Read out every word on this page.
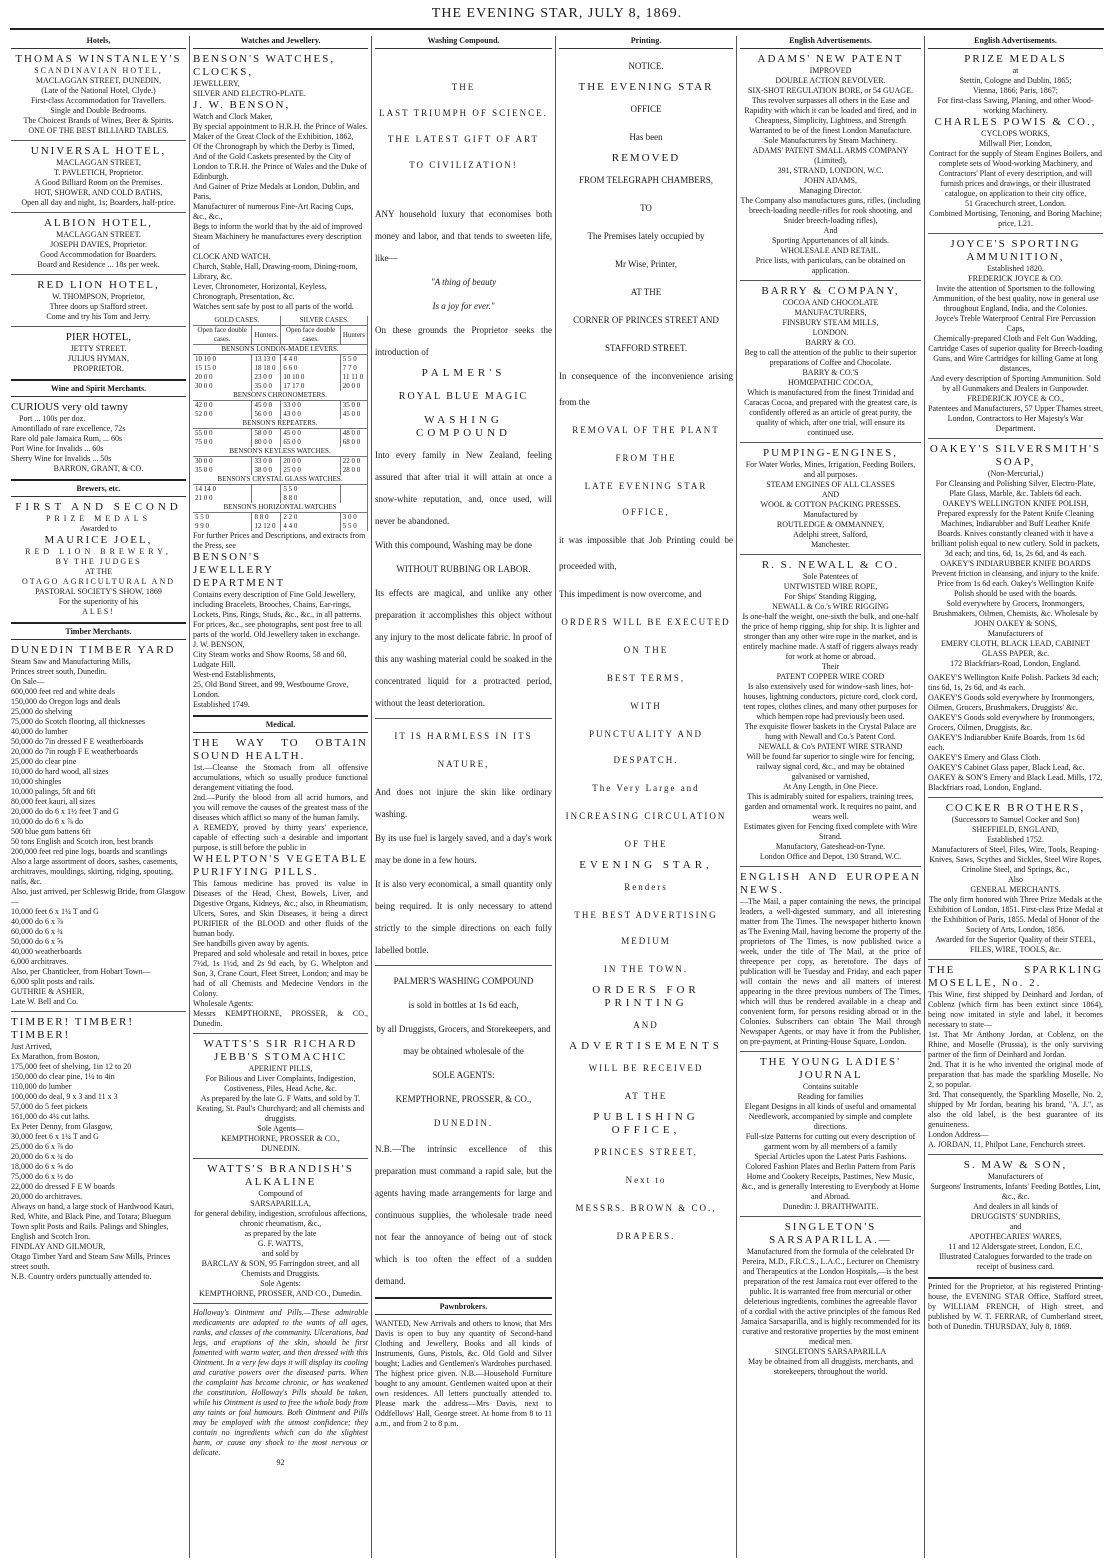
THE EVENING STAR, JULY 8, 1869.
Hotels,

THOMAS WINSTANLEY'S

SCANDINAVIAN HOTEL,

MACLAGGAN STREET, DUNEDIN,

(Late of the National Hotel, Clyde.)

First-class Accommodation for Travellers.

Single and Double Bedrooms.

The Choicest Brands of Wines, Beer & Spirits.

ONE OF THE BEST BILLIARD TABLES.

UNIVERSAL HOTEL,

MACLAGGAN STREET,

T. PAVLETICH, Proprietor.

A Good Billiard Room on the Premises.

HOT, SHOWER, AND COLD BATHS,

Open all day and night, 1s; Boarders, half-price.

ALBION HOTEL,

MACLAGGAN STREET.

JOSEPH DAVIES, Proprietor.

Good Accommodation for Boarders.

Board and Residence ... 18s per week.

RED LION HOTEL,

W. THOMPSON, Proprietor,

Three doors up Stafford street.

Come and try his Tom and Jerry.

PIER HOTEL,

JETTY STREET.

JULIUS HYMAN,

PROPRIETOR.

Wine and Spirit Merchants.

CURIOUS very old tawny

Port ... 100s per doz.

Amontillado of rare excellence, 72s

Rare old pale Jamaica Rum, ... 60s

Port Wine for Invalids ... 60s

Sherry Wine for Invalids ... 50s

BARRON, GRANT, & CO.

Brewers, etc.

FIRST AND SECOND

PRIZE MEDALS

Awarded to

MAURICE JOEL,

RED LION BREWERY,

BY THE JUDGES

AT THE

OTAGO AGRICULTURAL AND

PASTORAL SOCIETY'S SHOW, 1869

For the superiority of his

ALES!

Timber Merchants.

DUNEDIN TIMBER YARD

Steam Saw and Manufacturing Mills,

Princes street south, Dunedin.

On Sale—

600,000 feet red and white deals

150,000 do Oregon logs and deals

25,000 do shelving

75,000 do Scotch flooring, all thicknesses

40,000 do lumber

50,000 do 7in dressed F E weatherboards

20,000 do 7in rough F E weatherboards

25,000 do clear pine

10,000 do hard wood, all sizes

10,000 shingles

10,000 palings, 5ft and 6ft

80,000 feet kauri, all sizes

20,000 do do 6 x 1½ feet T and G

10,000 do do 6 x ⅞ do

500 blue gum battens 6ft

50 tons English and Scotch iron, best brands

200,000 feet red pine logs, boards and scantlings

Also a large assortment of doors, sashes, casements, architraves, mouldings, skirting, ridging, spouting, nails, &c.

Also, just arrived, per Schleswig Bride, from Glasgow—

10,000 feet 6 x 1¼ T and G

40,000 do 6 x ⅞

60,000 do 6 x ¾

50,000 do 6 x ⅝

40,000 weatherboards

6,000 architraves.

Also, per Chanticleer, from Hobart Town—

6,000 split posts and rails.

GUTHRIE & ASHER,

Late W. Bell and Co.

TIMBER! TIMBER! TIMBER!

Just Arrived,

Ex Marathon, from Boston,

175,000 feet of shelving, 1in 12 to 20

150,000 do clear pine, 1¼ to 4in

110,000 do lumber

100,000 do deal, 9 x 3 and 11 x 3

57,000 do 5 feet pickets

161,000 do 4¼ cut laths.

Ex Peter Denny, from Glasgow,

30,000 feet 6 x 1¼ T and G

25,000 do 6 x ⅞ do

20,000 do 6 x ¾ do

18,000 do 6 x ⅝ do

75,000 do 6 x ½ do

22,000 do dressed F E W boards

20,000 do architraves.

Always on hand, a large stock of Hardwood Kauri, Red, White, and Black Pine, and Totara; Bluegum Town split Posts and Rails. Palings and Shingles, English and Scotch Iron.

FINDLAY AND GILMOUR,

Otago Timber Yard and Steam Saw Mills, Princes street south.

N.B. Country orders punctually attended to.

Watches and Jewellery.

BENSON'S WATCHES, CLOCKS,

JEWELLERY,

SILVER AND ELECTRO-PLATE.

J. W. BENSON,

Watch and Clock Maker,

By special appointment to H.R.H. the Prince of Wales.

Maker of the Great Clock of the Exhibition, 1862,

Of the Chronograph by which the Derby is Timed,

And of the Gold Caskets presented by the City of London to T.R.H. the Prince of Wales and the Duke of Edinburgh.

And Gainer of Prize Medals at London, Dublin, and Paris,

Manufacturer of numerous Fine-Art Racing Cups, &c., &c.,

Begs to inform the world that by the aid of improved Steam Machinery he manufactures every description of

CLOCK AND WATCH.

Church, Stable, Hall, Drawing-room, Dining-room, Library, &c.

Lever, Chronometer, Horizontal, Keyless, Chronograph, Presentation, &c.

Watches sent safe by post to all parts of the world.

GOLD CASES.		SILVER CASES.	
Open face double cases.	Hunters.	Open face double cases.	Hunters
BENSON'S LONDON-MADE LEVERS.			
10 10 0	13 13 0	4 4 0	5 5 0
15 15 0	18 18 0	6 6 0	7 7 0
20 0 0	23 0 0	10 10 0	11 11 0
30 0 0	35 0 0	17 17 0	20 0 0
BENSON'S CHRONOMETERS.			
42 0 0	45 0 0	33 0 0	35 0 0
52 0 0	56 0 0	43 0 0	45 0 0
BENSON'S REPEATERS.			
55 0 0	58 0 0	45 0 0	48 0 0
75 0 0	80 0 0	65 0 0	68 0 0
BENSON'S KEYLESS WATCHES.			
30 0 0	33 0 0	20 0 0	22 0 0
35 0 0	38 0 0	25 0 0	28 0 0
BENSON'S CRYSTAL GLASS WATCHES.			
14 14 0		5 5 0	
21 0 0		8 8 0	
BENSON'S HORIZONTAL WATCHES			
5 5 0	8 8 0	2 2 0	3 0 0
9 9 0	12 12 0	4 4 0	5 5 0

For further Prices and Descriptions, and extracts from the Press, see

BENSON'S

JEWELLERY DEPARTMENT

Contains every description of Fine Gold Jewellery, including Bracelets, Brooches, Chains, Ear-rings, Lockets, Pins, Rings, Studs, &c., &c., in all patterns. For prices, &c., see photographs, sent post free to all parts of the world. Old Jewellery taken in exchange.

J. W. BENSON,

City Steam works and Show Rooms, 58 and 60, Ludgate Hill.

West-end Establishments,

25, Old Bond Street, and 99, Westbourne Grove, London.

Established 1749.

Medical.

THE WAY TO OBTAIN SOUND HEALTH.

1st.—Cleanse the Stomach from all offensive accumulations, which so usually produce functional derangement vitiating the food.

2nd.—Purify the blood from all acrid humors, and you will remove the causes of the greatest mass of the diseases which afflict so many of the human family.

A REMEDY, proved by thirty years' experience, capable of effecting such a desirable and important purpose, is still before the public in

WHELPTON'S VEGETABLE PURIFYING PILLS.

This famous medicine has proved its value in Diseases of the Head, Chest, Bowels, Liver, and Digestive Organs, Kidneys, &c.; also, in Rheumatism, Ulcers, Sores, and Skin Diseases, it being a direct PURIFIER of the BLOOD and other fluids of the human body.

See handbills given away by agents.

Prepared and sold wholesale and retail in boxes, price 7½d, 1s 1½d, and 2s 9d each, by G. Whelpton and Son, 3, Crane Court, Fleet Street, London; and may be had of all Chemists and Medecine Vendors in the Colony.

Wholesale Agents:

Messrs KEMPTHORNE, PROSSER, & CO., Dunedin.

WATTS'S SIR RICHARD JEBB'S STOMACHIC

APERIENT PILLS,

For Bilious and Liver Complaints, Indigestion,

Costiveness, Piles, Head Ache, &c.

As prepared by the late G. F Watts, and sold by T. Keating, St. Paul's Churchyard; and all chemists and druggists.

Sole Agents—

KEMPTHORNE, PROSSER & CO.,

DUNEDIN.

WATTS'S BRANDISH'S ALKALINE

Compound of

SARSAPARILLA,

for general debility, indigestion, scrofulous affections, chronic rheumatism, &c.,

as prepared by the late

G. F. WATTS,

and sold by

BARCLAY & SON, 95 Farringdon street, and all Chemists and Druggists.

Sole Agents:

KEMPTHORNE, PROSSER, AND CO., Dunedin.

Holloway's Ointment and Pills.—These admirable medicaments are adapted to the wants of all ages, ranks, and classes of the community. Ulcerations, bad legs, and eruptions of the skin, should be first fomented with warm water, and then dressed with this Ointment. In a very few days it will display its cooling and curative powers over the diseased parts. When the complaint has become chronic, or has weakened the constitution, Holloway's Pills should be taken, while his Ointment is used to free the whole body from any taints or foul humours. Both Ointment and Pills may be employed with the utmost confidence; they contain no ingredients which can do the slightest harm, or cause any shock to the most nervous or delicate.

92

Washing Compound.

THE

LAST TRIUMPH OF SCIENCE.

THE LATEST GIFT OF ART

TO CIVILIZATION!

ANY household luxury that economises both money and labor, and that tends to sweeten life, like—

"A thing of beauty

Is a joy for ever."

On these grounds the Proprietor seeks the introduction of

PALMER'S

ROYAL BLUE MAGIC

WASHING COMPOUND

Into every family in New Zealand, feeling assured that after trial it will attain at once a snow-white reputation, and, once used, will never be abandoned.

With this compound, Washing may be done

WITHOUT RUBBING OR LABOR.

Its effects are magical, and unlike any other preparation it accomplishes this object without any injury to the most delicate fabric. In proof of this any washing material could be soaked in the concentrated liquid for a protracted period, without the least deterioration.

IT IS HARMLESS IN ITS

NATURE,

And does not injure the skin like ordinary washing.

By its use fuel is largely saved, and a day's work may be done in a few hours.

It is also very economical, a small quantity only being required. It is only necessary to attend strictly to the simple directions on each fully labelled bottle.

PALMER'S WASHING COMPOUND

is sold in bottles at 1s 6d each,

by all Druggists, Grocers, and Storekeepers, and may be obtained wholesale of the

SOLE AGENTS:

KEMPTHORNE, PROSSER, & CO.,

DUNEDIN.

N.B.—The intrinsic excellence of this preparation must command a rapid sale, but the agents having made arrangements for large and continuous supplies, the wholesale trade need not fear the annoyance of being out of stock which is too often the effect of a sudden demand.

Pawnbrokers.

WANTED, New Arrivals and others to know, that Mrs Davis is open to buy any quantity of Second-hand Clothing and Jewellery, Books and all kinds of Instruments, Guns, Pistols, &c. Old Gold and Silver bought; Ladies and Gentlemen's Wardrobes purchased. The highest price given. N.B.—Household Furniture bought to any amount. Gentlemen waited upon at their own residences. All letters punctually attended to. Please mark the address—Mrs Davis, next to Oddfellows' Hall, George street. At home from 8 to 11 a.m., and from 2 to 8 p.m.

Printing.

NOTICE.

THE EVENING STAR

OFFICE

Has been

REMOVED

FROM TELEGRAPH CHAMBERS,

TO

The Premises lately occupied by

Mr Wise, Printer,

AT THE

CORNER OF PRINCES STREET AND

STAFFORD STREET.

In consequence of the inconvenience arising from the

REMOVAL OF THE PLANT

FROM THE

LATE EVENING STAR OFFICE,

it was impossible that Job Printing could be proceeded with,

This impediment is now overcome, and

ORDERS WILL BE EXECUTED

ON THE

BEST TERMS,

WITH

PUNCTUALITY AND DESPATCH.

The Very Large and

INCREASING CIRCULATION

OF THE

EVENING STAR,

Renders

THE BEST ADVERTISING MEDIUM

IN THE TOWN.

ORDERS FOR PRINTING

AND

ADVERTISEMENTS

WILL BE RECEIVED

AT THE

PUBLISHING OFFICE,

PRINCES STREET,

Next to

MESSRS. BROWN & CO.,

DRAPERS.

English Advertisements.

ADAMS' NEW PATENT

IMPROVED

DOUBLE ACTION REVOLVER.

SIX-SHOT REGULATION BORE, or 54 GUAGE.

This revolver surpasses all others in the Ease and Rapidity with which it can be loaded and fired, and in Cheapness, Simplicity, Lightness, and Strength

Warranted to be of the finest London Manufacture.

Sole Manufacturers by Steam Machinery.

ADAMS' PATENT SMALL ARMS COMPANY

(Limited),

391, STRAND, LONDON, W.C.

JOHN ADAMS,

Managing Director.

The Company also manufactures guns, rifles, (including breech-loading needle-rifles for rook shooting, and Snider breech-loading rifles),

And

Sporting Appurtenances of all kinds.

WHOLESALE AND RETAIL.

Price lists, with particulars, can be obtained on application.

BARRY & COMPANY,

COCOA AND CHOCOLATE

MANUFACTURERS,

FINSBURY STEAM MILLS,

LONDON.

BARRY & CO.

Beg to call the attention of the public to their superior preparations of Coffee and Chocolate.

BARRY & CO.'S

HOMŒPATHIC COCOA,

Which is manufactured from the finest Trinidad and Caracas Cocoa, and prepared with the greatest care, is confidently offered as an article of great purity, the quality of which, after one trial, will ensure its continued use.

PUMPING-ENGINES,

For Water Works, Mines, Irrigation, Feeding Boilers, and all purposes.

STEAM ENGINES OF ALL CLASSES

AND

WOOL & COTTON PACKING PRESSES.

Manufactured by

ROUTLEDGE & OMMANNEY,

Adelphi street, Salford,

Manchester.

R. S. NEWALL & CO.

Sole Patentees of

UNTWISTED WIRE ROPE,

For Ships' Standing Rigging,

NEWALL & Co.'s WIRE RIGGING

Is one-half the weight, one-sixth the bulk, and one-half the price of hemp rigging, ship for ship. It is lighter and stronger than any other wire rope in the market, and is entirely machine made. A staff of riggers always ready for work at home or abroad.

Their

PATENT COPPER WIRE CORD

Is also extensively used for window-sash lines, hot-houses, lightning conductors, picture cord, clock cord, tent ropes, clothes clines, and many other purposes for which hempen rope had previously been used.

The exquisite flower baskets in the Crystal Palace are hung with Newall and Co.'s Patent Cord.

NEWALL & Co's PATENT WIRE STRAND

Will be found far superior to single wire for fencing, railway signal cord, &c., and may be obtained galvanised or varnished,

At Any Length, in One Piece.

This is admirably suited for espaliers, training trees, garden and ornamental work. It requires no paint, and wears well.

Estimates given for Fencing fixed complete with Wire Strand.

Manufactory, Gateshead-on-Tyne.

London Office and Depot, 130 Strand, W.C.

ENGLISH AND EUROPEAN NEWS.

—The Mail, a paper containing the news, the principal leaders, a well-digested summary, and all interesting matter from The Times. The newspaper hitherto known as The Evening Mail, having become the property of the proprietors of The Times, is now published twice a week, under the title of The Mail, at the price of threepence per copy, as heretofore. The days of publication will be Tuesday and Friday, and each paper will contain the news and all matters of interest appearing in the three previous numbers of The Times, which will thus be rendered available in a cheap and convenient form, for persons residing abroad or in the Colonies. Subscribers can obtain The Mail through Newspaper Agents, or may have it from the Publisher, on pre-payment, at Printing-House Square, London.

THE YOUNG LADIES' JOURNAL

Contains suitable

Reading for families

Elegant Designs in all kinds of useful and ornamental Needlework, accompanied by simple and complete directions.

Full-size Patterns for cutting out every description of garment worn by all members of a family

Special Articles upon the Latest Paris Fashions.

Colored Fashion Plates and Berlin Pattern from Paris

Home and Cookery Receipts, Pastimes, New Music, &c., and is generally Interesting to Everybody at Home and Abroad.

Dunedin: J. BRAITHWAITE.

SINGLETON'S SARSAPARILLA.—

Manufactured from the formula of the celebrated Dr Pereira, M.D., F.R.C.S., L.A.C., Lecturer on Chemistry and Therapeutics at the London Hospitals,—is the best preparation of the rest Jamaica root ever offered to the public. It is warranted free from mercurial or other deleterious ingredients, combines the agreeable flavor of a cordial with the active principles of the famous Red Jamaica Sarsaparilla, and is highly recommended for its curative and restorative properties by the most eminent medical men.

SINGLETON'S SARSAPARILLA

May be obtained from all druggists, merchants, and storekeepers, throughout the world.

English Advertisements.

PRIZE MEDALS

at

Stettin, Cologne and Dublin, 1865;

Vienna, 1866; Paris, 1867;

For first-class Sawing, Planing, and other Wood-working Machinery.

CHARLES POWIS & CO.,

CYCLOPS WORKS,

Millwall Pier, London,

Contract for the supply of Steam Engines Boilers, and complete sets of Wood-working Machinery, and Contractors' Plant of every description, and will furnish prices and drawings, or their illustrated catalogue, on application to their city office,

51 Gracechurch street, London.

Combined Mortising, Tenoning, and Boring Machine; price, L21.

JOYCE'S SPORTING AMMUNITION,

Established 1820.

FREDERICK JOYCE & CO.

Invite the attention of Sportsmen to the following Ammunition, of the best quality, now in general use throughout England, India, and the Colonies.

Joyce's Treble Waterproof Central Fire Percussion Caps,

Chemically-prepared Cloth and Felt Gun Wadding, Cartridge Cases of superior quality for Breech-loading Guns, and Wire Cartridges for killing Game at long distances,

And every description of Sporting Ammunition. Sold by all Gunmakers and Dealers in Gunpowder.

FREDERICK JOYCE & CO.,

Patentees and Manufacturers, 57 Upper Thames street, London, Contractors to Her Majesty's War Department.

OAKEY'S SILVERSMITH'S SOAP,

(Non-Mercurial,)

For Cleansing and Polishing Silver, Electro-Plate, Plate Glass, Marble, &c. Tablets 6d each.

OAKEY'S WELLINGTON KNIFE POLISH,

Prepared expressly for the Patent Knife Cleaning Machines, Indiarubber and Buff Leather Knife Boards. Knives constantly cleaned with it have a brilliant polish equal to new cutlery. Sold in packets, 3d each; and tins, 6d, 1s, 2s 6d, and 4s each.

OAKEY'S INDIARUBBER KNIFE BOARDS

Prevent friction in cleansing, and injury to the knife. Price from 1s 6d each. Oakey's Wellington Knife Polish should be used with the boards.

Sold everywhere by Grocers, Ironmongers, Brushmakers, Oilmen, Chemists, &c. Wholesale by

JOHN OAKEY & SONS,

Manufacturers of

EMERY CLOTH, BLACK LEAD, CABINET GLASS PAPER, &c.

172 Blackfriars-Road, London, England.

OAKEY'S Wellington Knife Polish. Packets 3d each; tins 6d, 1s, 2s 6d, and 4s each.

OAKEY'S Goods sold everywhere by Ironmongers, Oilmen, Grocers, Brushmakers, Druggists' &c.

OAKEY'S Goods sold everywhere by Ironmongers, Grocers, Oilmen, Druggists, &c.

OAKEY'S Indiarubber Knife Boards, from 1s 6d each.

OAKEY'S Emery and Glass Cloth.

OAKEY'S Cabinet Glass paper, Black Lead, &c.

OAKEY & SON'S Emery and Black Lead. Mills, 172, Blackfriars road, London, England.

COCKER BROTHERS,

(Successors to Samuel Cocker and Son)

SHEFFIELD, ENGLAND,

Established 1752.

Manufacturers of Steel, Files, Wire, Tools, Reaping-Knives, Saws, Scythes and Sickles, Steel Wire Ropes, Crinoline Steel, and Springs, &c.,

Also

GENERAL MERCHANTS.

The only firm honored with Three Prize Medals at the Exhibition of London, 1851. First-class Prize Medal at the Exhibition of Paris, 1855. Medal of Honor of the Society of Arts, London, 1856.

Awarded for the Superior Quality of their STEEL, FILES, WIRE, TOOLS, &c.

THE SPARKLING MOSELLE, No. 2.

This Wine, first shipped by Deinhard and Jordan, of Coblenz (which firm has been extinct since 1864), being now imitated in style and label, it becomes necessary to state—

1st. That Mr Anthony Jordan, at Coblenz, on the Rhine, and Moselle (Prussia), is the only surviving partner of the firm of Deinhard and Jordan.

2nd. That it is he who invented the original mode of preparation that has made the sparkling Moselle, No 2, so popular.

3rd. That consequently, the Sparkling Moselle, No. 2, shipped by Mr Jordan, bearing his brand, "A. J.", as also the old label, is the best guarantee of its genuineness.

London Address—

A. JORDAN, 11, Philpot Lane, Fenchurch street.

S. MAW & SON,

Manufacturers of

Surgeons' Instruments, Infants' Feeding Bottles, Lint, &c., &c.

And dealers in all kinds of

DRUGGISTS' SUNDRIES,

and

APOTHECARIES' WARES,

11 and 12 Aldersgate street, London, E.C.

Illustrated Catalogues forwarded to the trade on receipt of business card.

Printed for the Proprietor, at his registered Printing-house, the EVENING STAR Office, Stafford street, by WILLIAM FRENCH, of High street, and published by W. T. FERRAR, of Cumberland street, both of Dunedin. THURSDAY, July 8, 1869.
